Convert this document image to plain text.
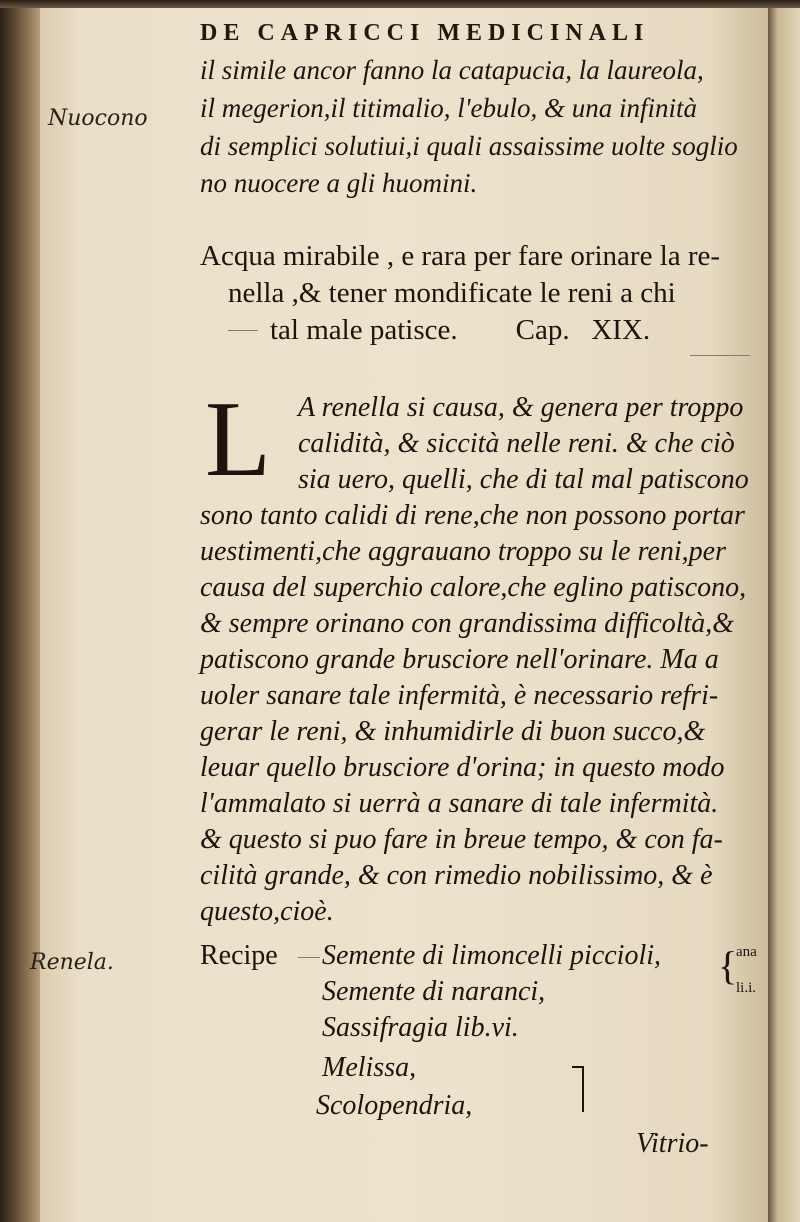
DE CAPRICCI MEDICINALI
il simile ancor fanno la catapucia, la laureola,
il megerion,il titimalio, l'ebulo, & una infinità
di semplici solutiui,i quali assaissime uolte soglio
no nuocere a gli huomini.
Nuocono
Acqua mirabile , e rara per fare orinare la re-
nella ,& tener mondificate le reni a chi
tal male patisce.        Cap.   XIX.
L A renella si causa, & genera per troppo
calidità, & siccità nelle reni. & che ciò
sia uero, quelli, che di tal mal patiscono
sono tanto calidi di rene,che non possono portar
uestimenti,che aggrauano troppo su le reni,per
causa del superchio calore,che eglino patiscono,
& sempre orinano con grandissima difficoltà,&
patiscono grande brusciore nell'orinare. Ma a
uoler sanare tale infermità, è necessario refri-
gerar le reni, & inhumidirle di buon succo,&
leuar quello brusciore d'orina; in questo modo
l'ammalato si uerrà a sanare di tale infermità.
& questo si puo fare in breue tempo, & con fa-
cilità grande, & con rimedio nobilissimo, & è
questo,cioè.
Renela.	Recipe Semente di limoncelli piccioli,
Semente di naranci,
Sassifragia lib.vi.
Melissa,
Scolopendria,
{
ana
li.i.
Vitrio-
